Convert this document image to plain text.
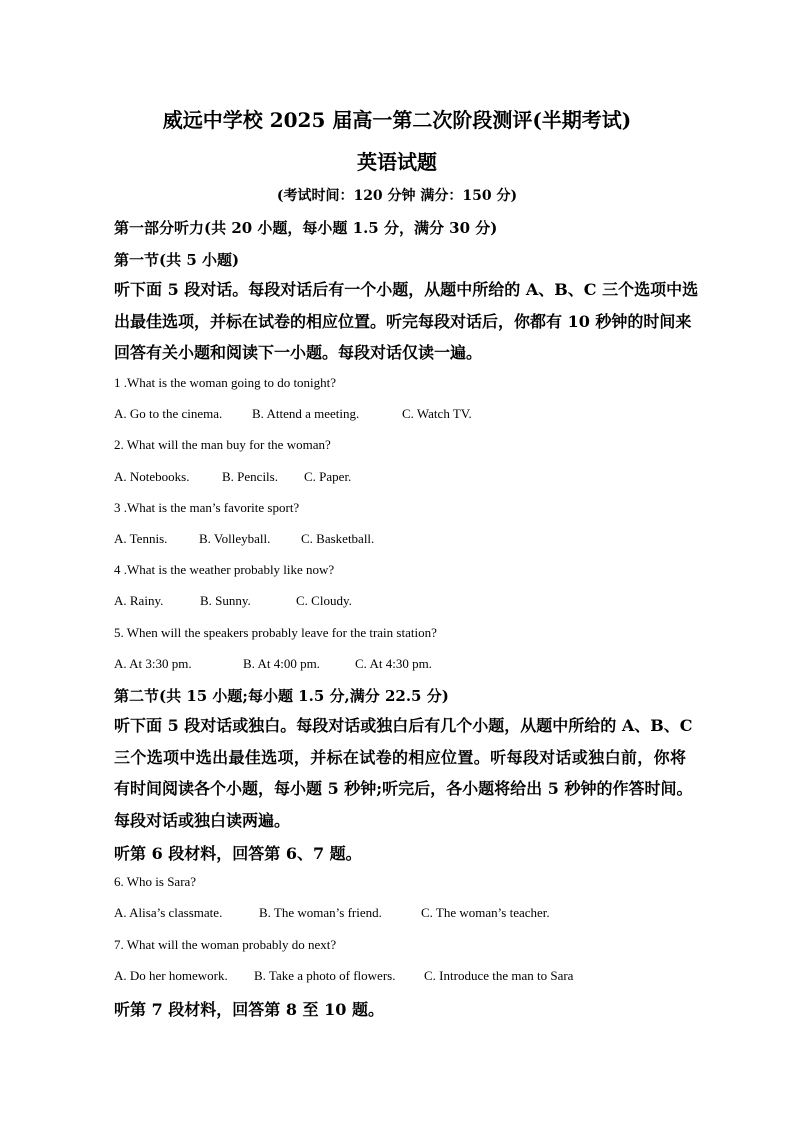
威远中学校 2025 届高一第二次阶段测评(半期考试)
英语试题
(考试时间：120 分钟 满分：150 分)
第一部分听力(共 20 小题，每小题 1.5 分，满分 30 分)
第一节(共 5 小题)
听下面 5 段对话。每段对话后有一个小题，从题中所给的 A、B、C 三个选项中选
出最佳选项，并标在试卷的相应位置。听完每段对话后，你都有 10 秒钟的时间来
回答有关小题和阅读下一小题。每段对话仅读一遍。
1 .What is the woman going to do tonight?
A. Go to the cinema. B. Attend a meeting.	C. Watch TV.
2. What will the man buy for the woman?
A. Notebooks.	B. Pencils. C. Paper.
3 .What is the man’s favorite sport?
A. Tennis. B. Volleyball. C. Basketball.
4 .What is the weather probably like now?
A. Rainy.	B. Sunny.	C. Cloudy.
5. When will the speakers probably leave for the train station?
A. At 3:30 pm.	B. At 4:00 pm.	C. At 4:30 pm.
第二节(共 15 小题;每小题 1.5 分,满分 22.5 分)
听下面 5 段对话或独白。每段对话或独白后有几个小题，从题中所给的 A、B、C
三个选项中选出最佳选项，并标在试卷的相应位置。听每段对话或独白前，你将
有时间阅读各个小题，每小题 5 秒钟;听完后，各小题将给出 5 秒钟的作答时间。
每段对话或独白读两遍。
听第 6 段材料，回答第 6、7 题。
6. Who is Sara?
A. Alisa’s classmate.	B. The woman’s friend.	C. The woman’s teacher.
7. What will the woman probably do next?
A. Do her homework. B. Take a photo of flowers. C. Introduce the man to Sara
听第 7 段材料，回答第 8 至 10 题。
